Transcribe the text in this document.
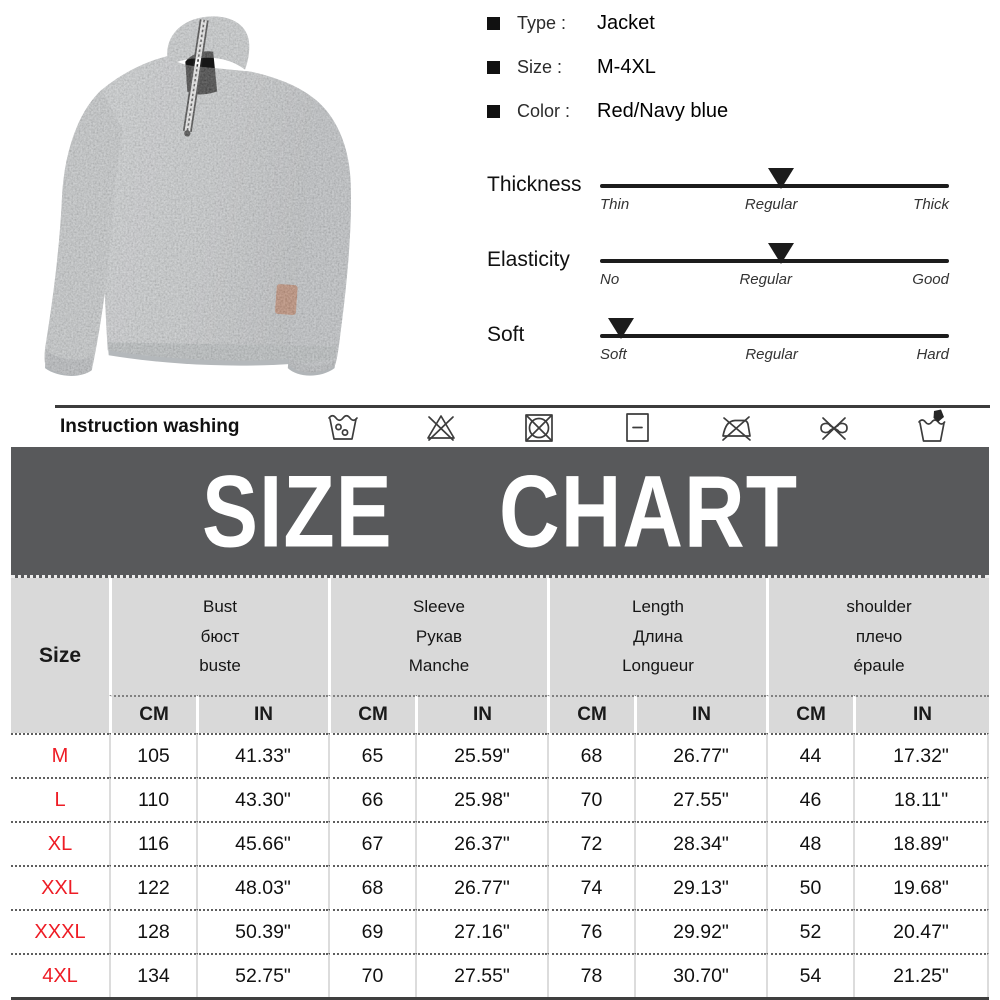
Type :	Jacket
Size :	M-4XL
Color :	Red/Navy blue
Thickness
Thin	Regular	Thick
Elasticity
No	Regular	Good
Soft
Soft	Regular	Hard
Instruction washing
SIZE CHART
Size
Bust
бюст
buste
Sleeve
Рукав
Manche
Length
Длина
Longueur
shoulder
плечо
épaule
CM	IN	CM	IN	CM	IN	CM	IN
M	105	41.33"	65	25.59"	68	26.77"	44	17.32"
L	110	43.30"	66	25.98"	70	27.55"	46	18.11"
XL	116	45.66"	67	26.37"	72	28.34"	48	18.89"
XXL	122	48.03"	68	26.77"	74	29.13"	50	19.68"
XXXL	128	50.39"	69	27.16"	76	29.92"	52	20.47"
4XL	134	52.75"	70	27.55"	78	30.70"	54	21.25"
